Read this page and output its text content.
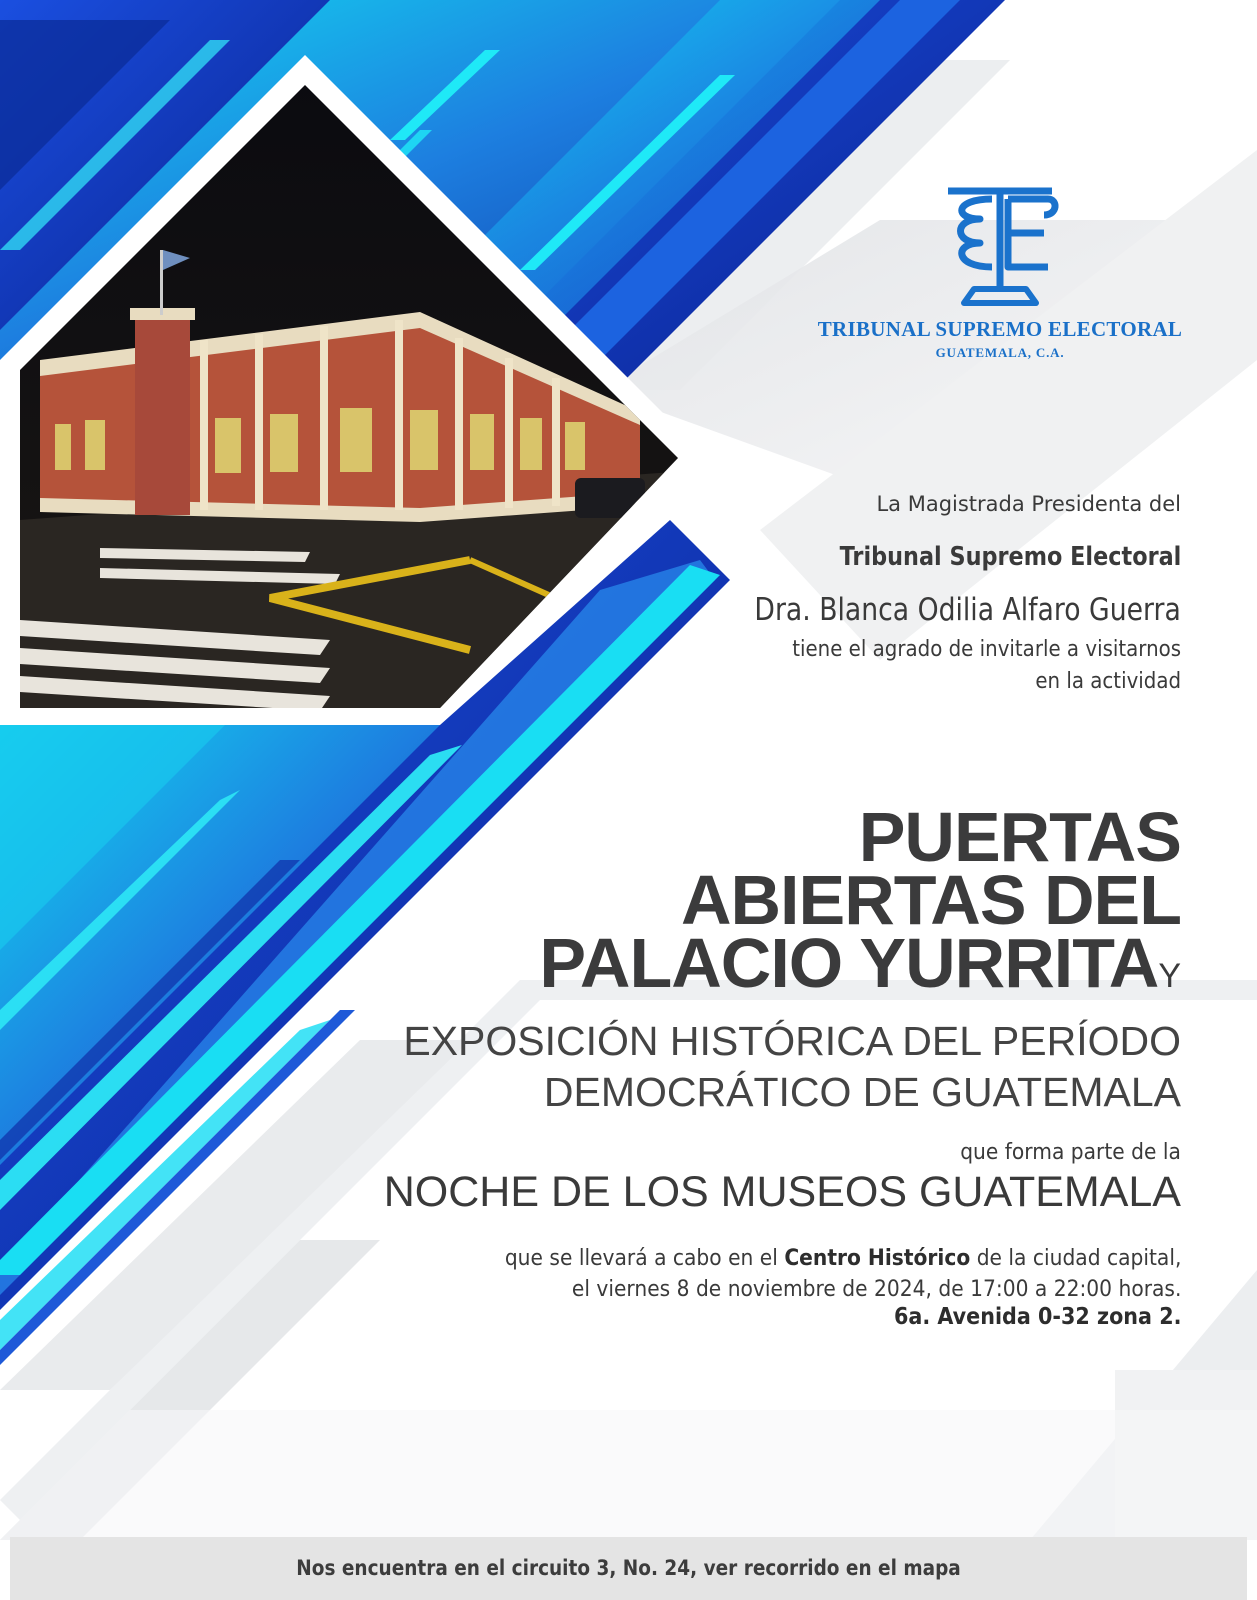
TRIBUNAL SUPREMO ELECTORAL
GUATEMALA, C.A.
La Magistrada Presidenta del
Tribunal Supremo Electoral
Dra. Blanca Odilia Alfaro Guerra
tiene el agrado de invitarle a visitarnos
en la actividad
PUERTAS
ABIERTAS DEL
PALACIO YURRITAY
EXPOSICIÓN HISTÓRICA DEL PERÍODO
DEMOCRÁTICO DE GUATEMALA
que forma parte de la
NOCHE DE LOS MUSEOS GUATEMALA
que se llevará a cabo en el Centro Histórico de la ciudad capital,
el viernes 8 de noviembre de 2024, de 17:00 a 22:00 horas.
6a. Avenida 0-32 zona 2.
Nos encuentra en el circuito 3, No. 24, ver recorrido en el mapa
